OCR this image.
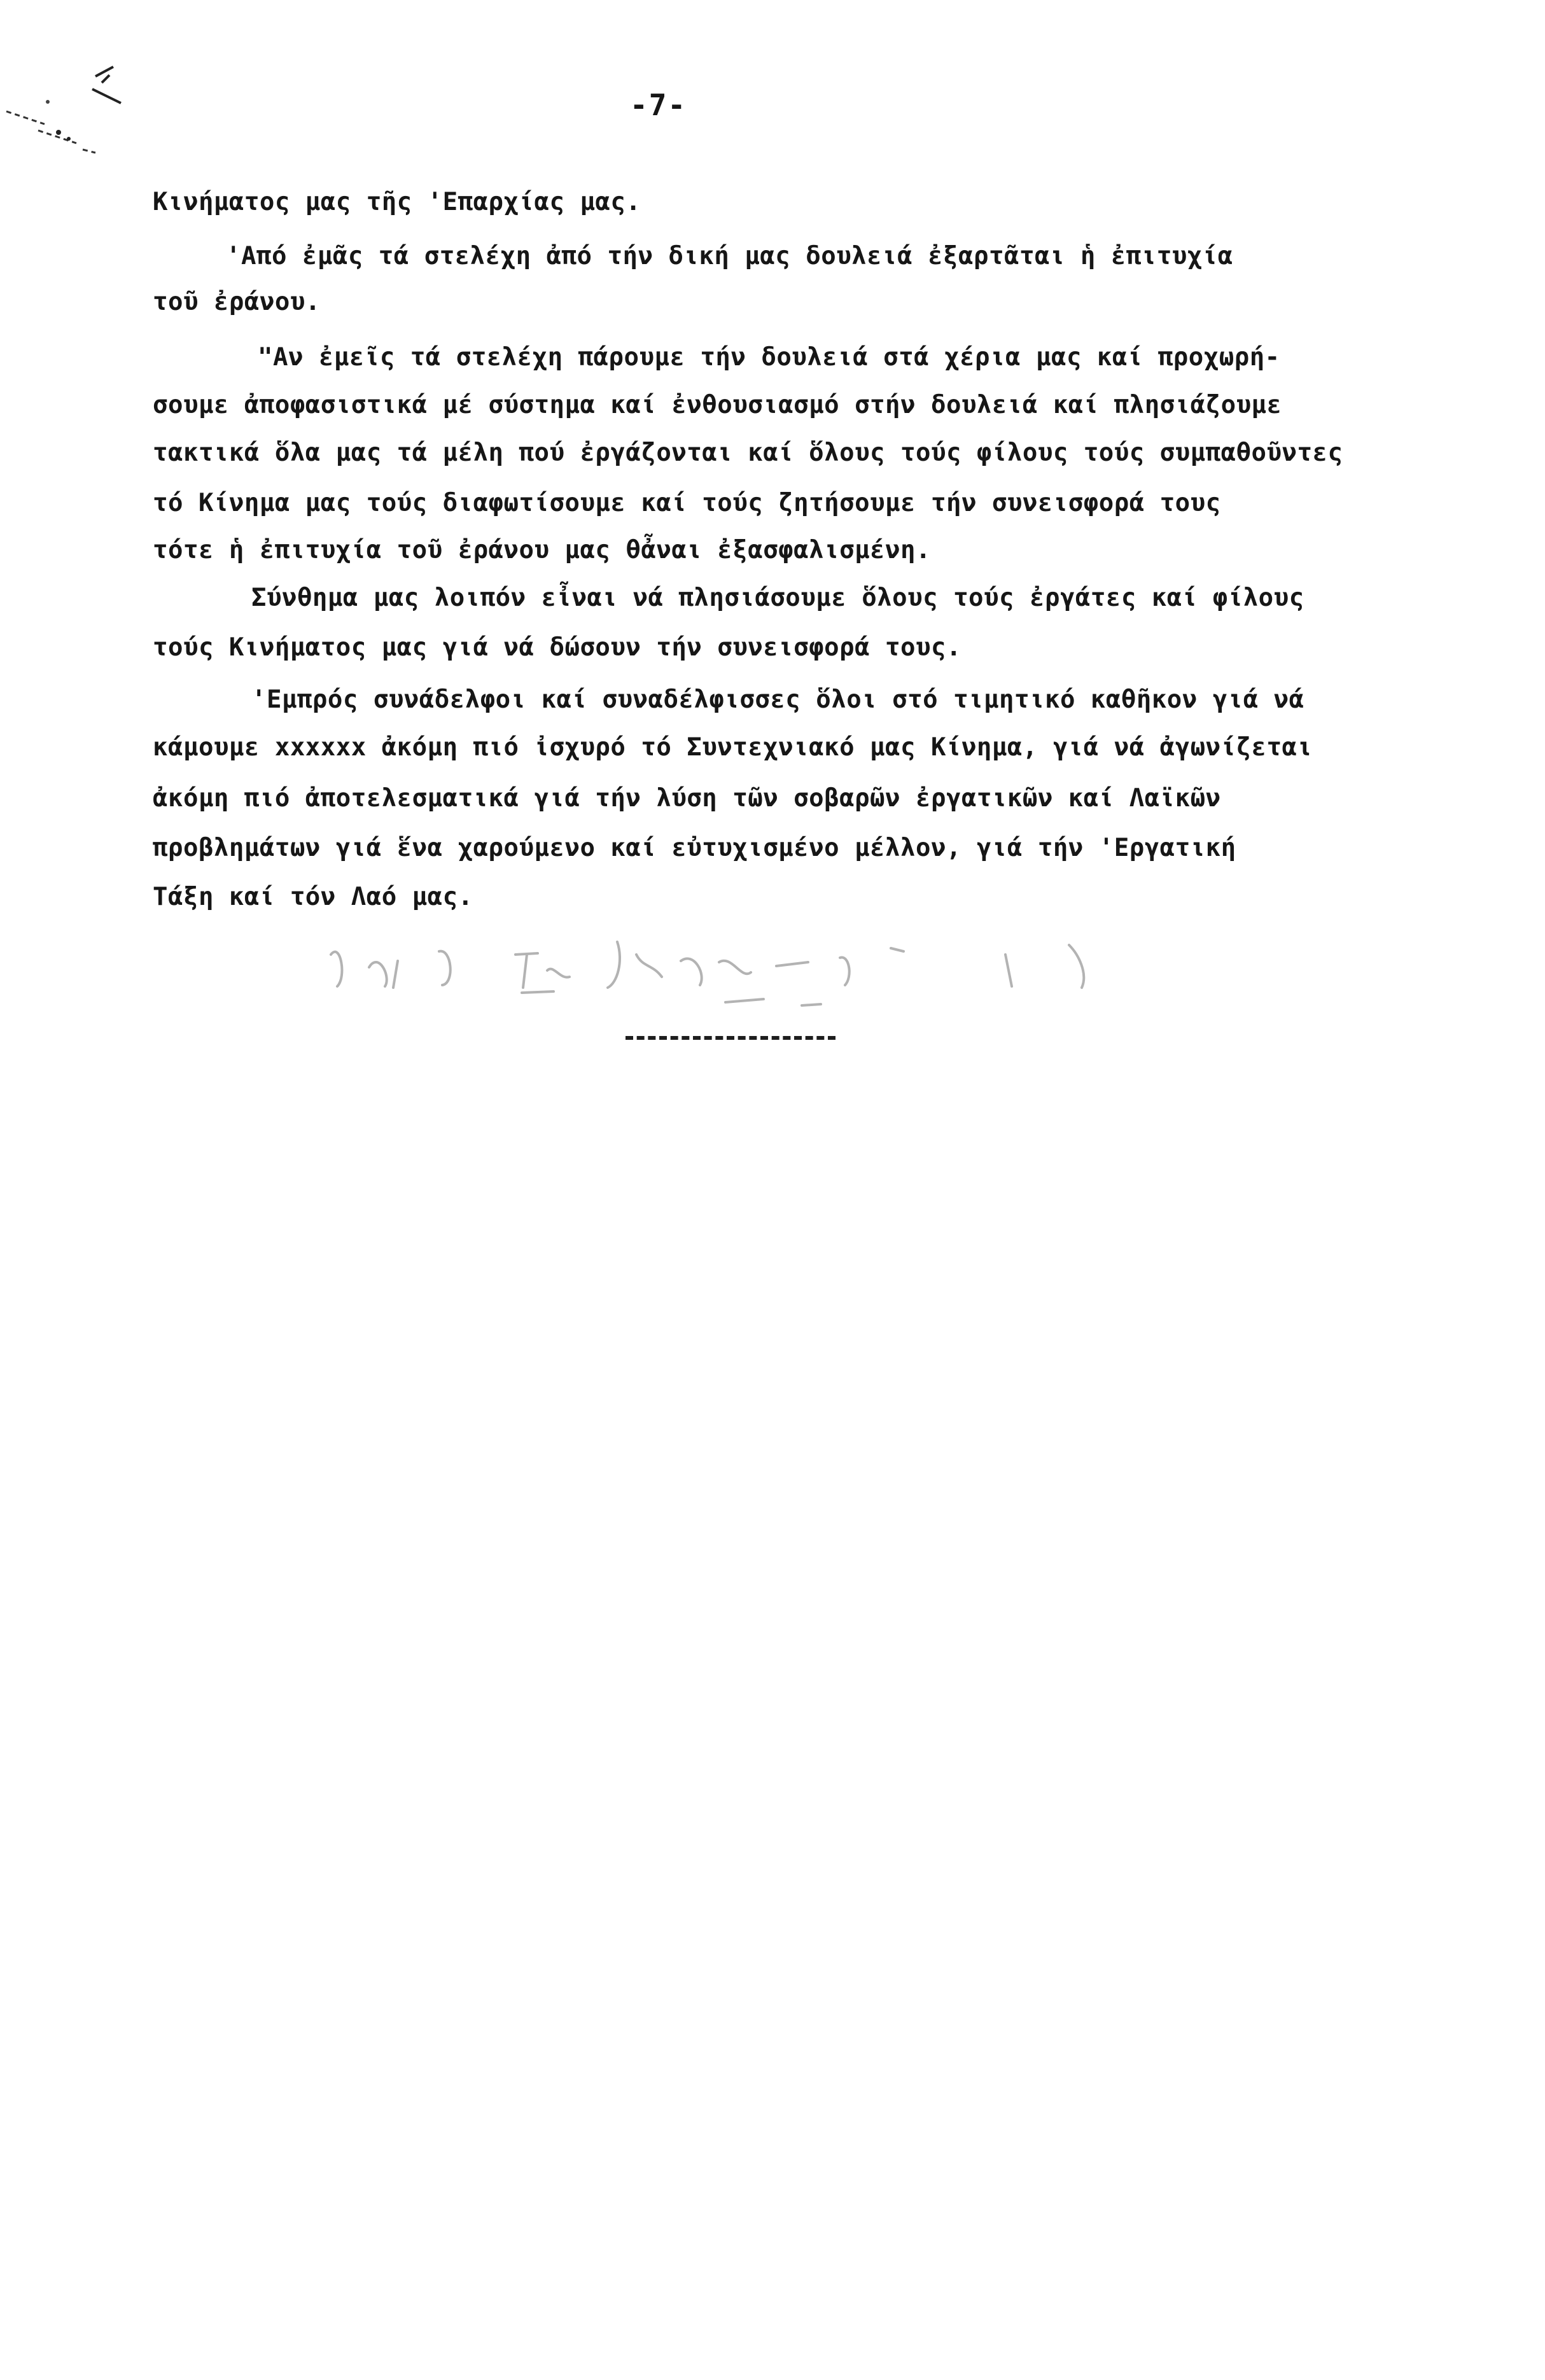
-7-
Κινήματος μας τῆς 'Επαρχίας μας.
'Από ἐμᾶς τά στελέχη ἀπό τήν δική μας δουλειά ἐξαρτᾶται ἡ ἐπιτυχία
τοῦ ἐράνου.
"Αν ἐμεῖς τά στελέχη πάρουμε τήν δουλειά στά χέρια μας καί προχωρή-
σουμε ἀποφασιστικά μέ σύστημα καί ἐνθουσιασμό στήν δουλειά καί πλησιάζουμε
τακτικά ὅλα μας τά μέλη πού ἐργάζονται καί ὅλους τούς φίλους τούς συμπαθοῦντες
τό Κίνημα μας τούς διαφωτίσουμε καί τούς ζητήσουμε τήν συνεισφορά τους
τότε ἡ ἐπιτυχία τοῦ ἐράνου μας θἆναι ἐξασφαλισμένη.
Σύνθημα μας λοιπόν εἶναι νά πλησιάσουμε ὅλους τούς ἐργάτες καί φίλους
τούς Κινήματος μας γιά νά δώσουν τήν συνεισφορά τους.
'Εμπρός συνάδελφοι καί συναδέλφισσες ὅλοι στό τιμητικό καθῆκον γιά νά
κάμουμε xxxxxx ἀκόμη πιό ἰσχυρό τό Συντεχνιακό μας Κίνημα, γιά νά ἀγωνίζεται
ἀκόμη πιό ἀποτελεσματικά γιά τήν λύση τῶν σοβαρῶν ἐργατικῶν καί Λαϊκῶν
προβλημάτων γιά ἕνα χαρούμενο καί εὐτυχισμένο μέλλον, γιά τήν 'Εργατική
Τάξη καί τόν Λαό μας.
